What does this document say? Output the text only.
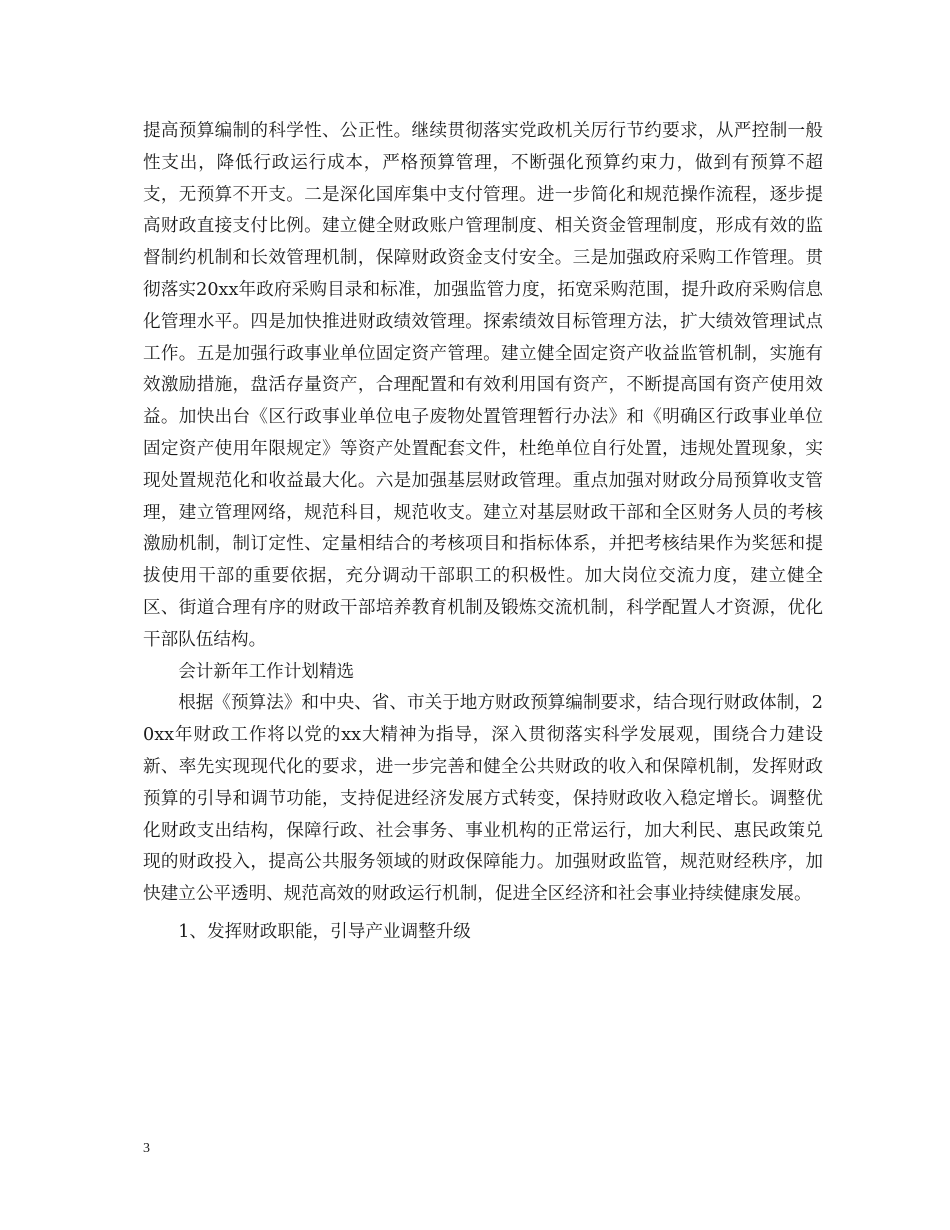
提高预算编制的科学性、公正性。继续贯彻落实党政机关厉行节约要求，从严控制一般性支出，降低行政运行成本，严格预算管理，不断强化预算约束力，做到有预算不超支，无预算不开支。二是深化国库集中支付管理。进一步简化和规范操作流程，逐步提高财政直接支付比例。建立健全财政账户管理制度、相关资金管理制度，形成有效的监督制约机制和长效管理机制，保障财政资金支付安全。三是加强政府采购工作管理。贯彻落实20xx年政府采购目录和标准，加强监管力度，拓宽采购范围，提升政府采购信息化管理水平。四是加快推进财政绩效管理。探索绩效目标管理方法，扩大绩效管理试点工作。五是加强行政事业单位固定资产管理。建立健全固定资产收益监管机制，实施有效激励措施，盘活存量资产，合理配置和有效利用国有资产，不断提高国有资产使用效益。加快出台《区行政事业单位电子废物处置管理暂行办法》和《明确区行政事业单位固定资产使用年限规定》等资产处置配套文件，杜绝单位自行处置，违规处置现象，实现处置规范化和收益最大化。六是加强基层财政管理。重点加强对财政分局预算收支管理，建立管理网络，规范科目，规范收支。建立对基层财政干部和全区财务人员的考核激励机制，制订定性、定量相结合的考核项目和指标体系，并把考核结果作为奖惩和提拔使用干部的重要依据，充分调动干部职工的积极性。加大岗位交流力度，建立健全区、街道合理有序的财政干部培养教育机制及锻炼交流机制，科学配置人才资源，优化干部队伍结构。

会计新年工作计划精选

根据《预算法》和中央、省、市关于地方财政预算编制要求，结合现行财政体制，20xx年财政工作将以党的xx大精神为指导，深入贯彻落实科学发展观，围绕合力建设新、率先实现现代化的要求，进一步完善和健全公共财政的收入和保障机制，发挥财政预算的引导和调节功能，支持促进经济发展方式转变，保持财政收入稳定增长。调整优化财政支出结构，保障行政、社会事务、事业机构的正常运行，加大利民、惠民政策兑现的财政投入，提高公共服务领域的财政保障能力。加强财政监管，规范财经秩序，加快建立公平透明、规范高效的财政运行机制，促进全区经济和社会事业持续健康发展。

1、发挥财政职能，引导产业调整升级

3
